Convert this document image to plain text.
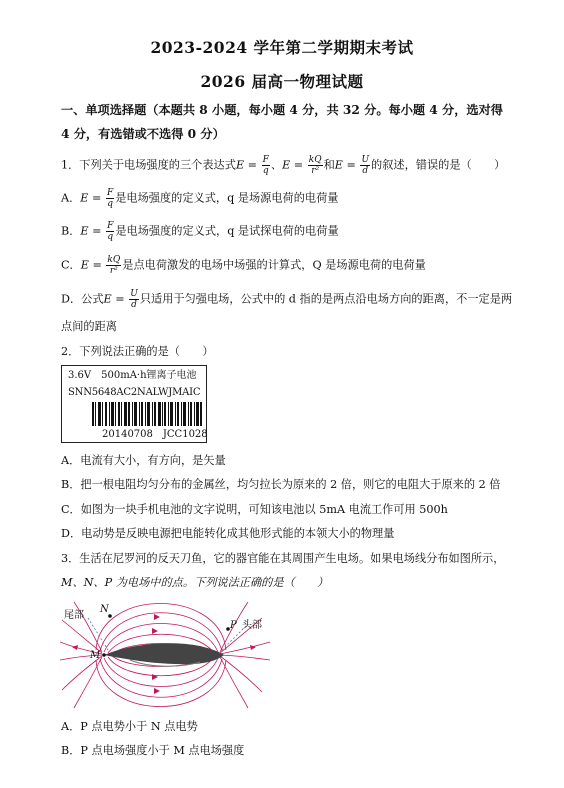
2023-2024 学年第二学期期末考试
2026 届高一物理试题
一、单项选择题（本题共 8 小题，每小题 4 分，共 32 分。每小题 4 分，选对得
4 分，有选错或不选得 0 分）
1．下列关于电场强度的三个表达式$E = \frac{F}{q}$ 、$E = \frac{kQ}{\text{r²}}$ 和$E = \frac{U}{d}$ 的叙述，错误的是（　　）
A．$E = \frac{F}{q}$ 是电场强度的定义式，q 是场源电荷的电荷量
B．$E = \frac{F}{q}$ 是电场强度的定义式，q 是试探电荷的电荷量
C．$E = \frac{kQ}{\text{r²}}$ 是点电荷激发的电场中场强的计算式，Q 是场源电荷的电荷量
D．公式$E = \frac{U}{d}$ 只适用于匀强电场，公式中的 d 指的是两点沿电场方向的距离，不一定是两
点间的距离
2．下列说法正确的是（　　）
3.6V　500mA·h锂离子电池
SNN5648AC2NALWJMAIC
20140708　JCC1028
A．电流有大小，有方向，是矢量
B．把一根电阻均匀分布的金属丝，均匀拉长为原来的 2 倍，则它的电阻大于原来的 2 倍
C．如图为一块手机电池的文字说明，可知该电池以 5mA 电流工作可用 500h
D．电动势是反映电源把电能转化成其他形式能的本领大小的物理量
3．生活在尼罗河的反天刀鱼，它的器官能在其周围产生电场。如果电场线分布如图所示，
M、N、P 为电场中的点。下列说法正确的是（　　）
尾部
N
M
P 头部
A．P 点电势小于 N 点电势
B．P 点电场强度小于 M 点电场强度
